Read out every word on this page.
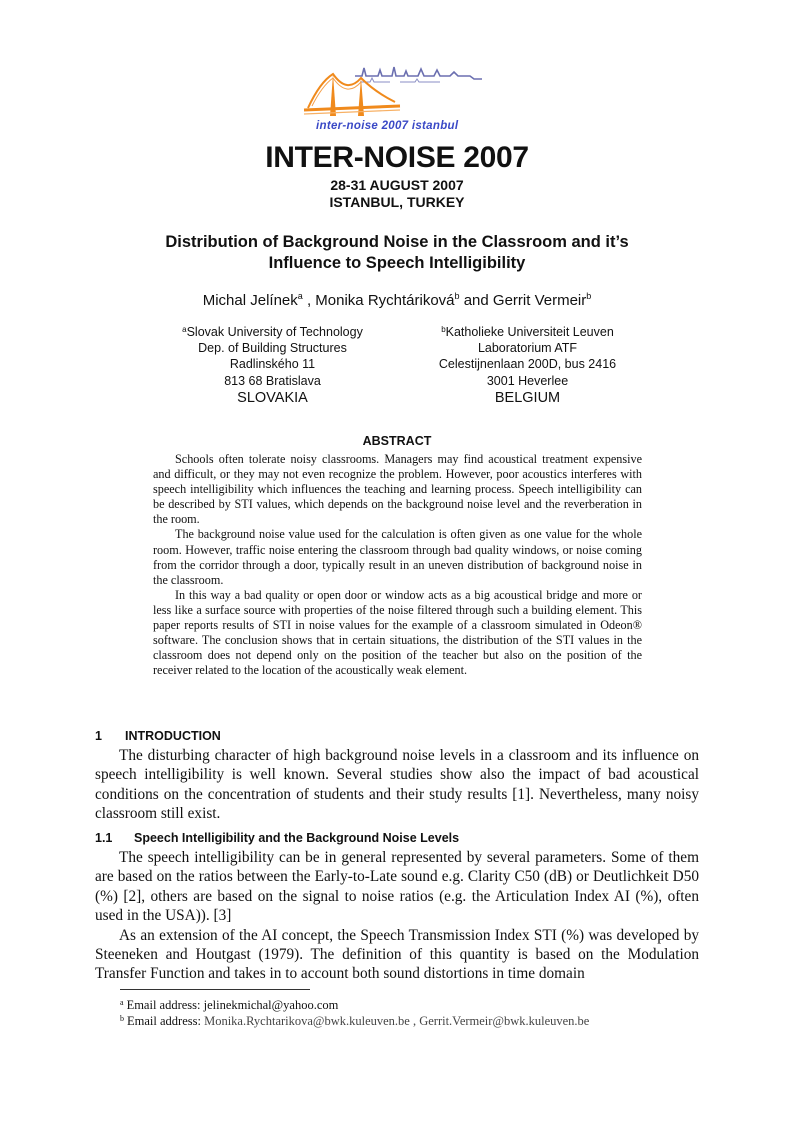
inter-noise 2007 istanbul
INTER-NOISE 2007
28-31 AUGUST 2007
ISTANBUL, TURKEY
Distribution of Background Noise in the Classroom and it’s
Influence to Speech Intelligibility
Michal Jelínek$^a$ , Monika Rychtáriková$^b$ and Gerrit Vermeir$^b$
$^a$Slovak University of Technology
Dep. of Building Structures
Radlinského 11
813 68 Bratislava
SLOVAKIA
$^b$Katholieke Universiteit Leuven
Laboratorium ATF
Celestijnenlaan 200D, bus 2416
3001 Heverlee
BELGIUM
ABSTRACT

Schools often tolerate noisy classrooms. Managers may find acoustical treatment expensive and difficult, or they may not even recognize the problem. However, poor acoustics interferes with speech intelligibility which influences the teaching and learning process. Speech intelligibility can be described by STI values, which depends on the background noise level and the reverberation in the room.

The background noise value used for the calculation is often given as one value for the whole room. However, traffic noise entering the classroom through bad quality windows, or noise coming from the corridor through a door, typically result in an uneven distribution of background noise in the classroom.

In this way a bad quality or open door or window acts as a big acoustical bridge and more or less like a surface source with properties of the noise filtered through such a building element. This paper reports results of STI in noise values for the example of a classroom simulated in Odeon® software. The conclusion shows that in certain situations, the distribution of the STI values in the classroom does not depend only on the position of the teacher but also on the position of the receiver related to the location of the acoustically weak element.

1 INTRODUCTION

The disturbing character of high background noise levels in a classroom and its influence on speech intelligibility is well known. Several studies show also the impact of bad acoustical conditions on the concentration of students and their study results [1]. Nevertheless, many noisy classroom still exist.

1.1 Speech Intelligibility and the Background Noise Levels

The speech intelligibility can be in general represented by several parameters. Some of them are based on the ratios between the Early-to-Late sound e.g. Clarity C50 (dB) or Deutlichkeit D50 (%) [2], others are based on the signal to noise ratios (e.g. the Articulation Index AI (%), often used in the USA)). [3]

As an extension of the AI concept, the Speech Transmission Index STI (%) was developed by Steeneken and Houtgast (1979). The definition of this quantity is based on the Modulation Transfer Function and takes in to account both sound distortions in time domain

$^a$ Email address: jelinekmichal@yahoo.com
$^b$ Email address: Monika.Rychtarikova@bwk.kuleuven.be , Gerrit.Vermeir@bwk.kuleuven.be
